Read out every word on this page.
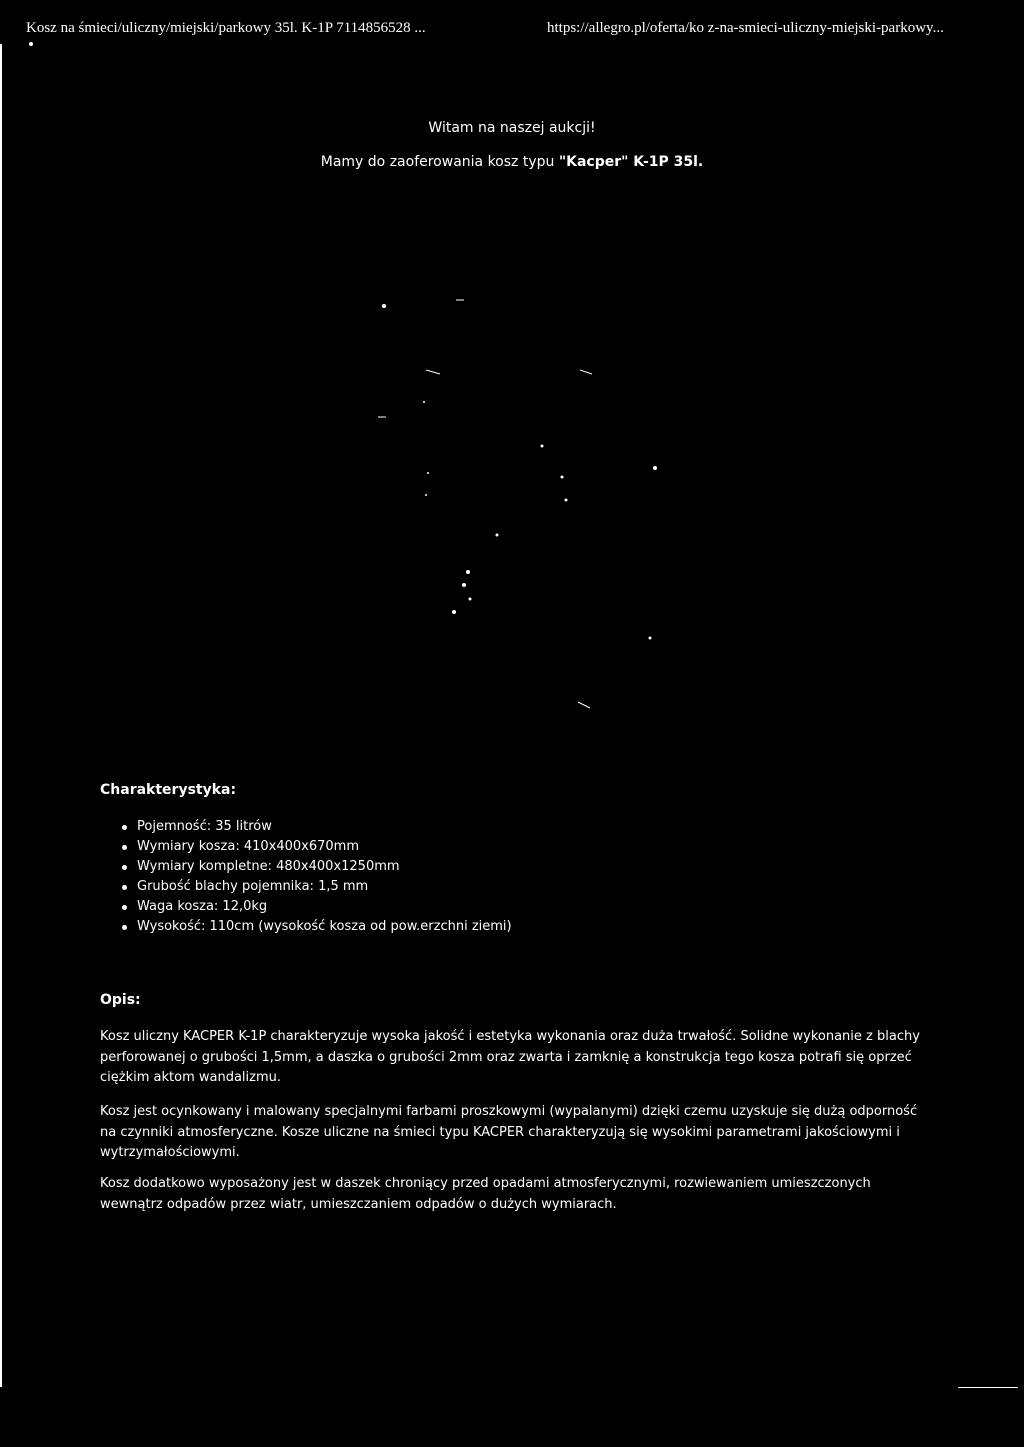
Kosz na śmieci/uliczny/miejski/parkowy 35l. K-1P 7114856528 ...	https://allegro.pl/oferta/ko z-na-smieci-uliczny-miejski-parkowy...
Witam na naszej aukcji!
Mamy do zaoferowania kosz typu "Kacper" K-1P 35l.
Charakterystyka:
Pojemność: 35 litrów
Wymiary kosza: 410x400x670mm
Wymiary kompletne: 480x400x1250mm
Grubość blachy pojemnika: 1,5 mm
Waga kosza: 12,0kg
Wysokość: 110cm (wysokość kosza od pow.erzchni ziemi)
Opis:

Kosz uliczny KACPER K-1P charakteryzuje wysoka jakość i estetyka wykonania oraz duża trwałość. Solidne wykonanie z blachy perforowanej o grubości 1,5mm, a daszka o grubości 2mm oraz zwarta i zamknię a konstrukcja tego kosza potrafi się oprzeć ciężkim aktom wandalizmu.

Kosz jest ocynkowany i malowany specjalnymi farbami proszkowymi (wypalanymi) dzięki czemu uzyskuje się dużą odporność na czynniki atmosferyczne. Kosze uliczne na śmieci typu KACPER charakteryzują się wysokimi parametrami jakościowymi i wytrzymałościowymi.

Kosz dodatkowo wyposażony jest w daszek chroniący przed opadami atmosferycznymi, rozwiewaniem umieszczonych wewnątrz odpadów przez wiatr, umieszczaniem odpadów o dużych wymiarach.
